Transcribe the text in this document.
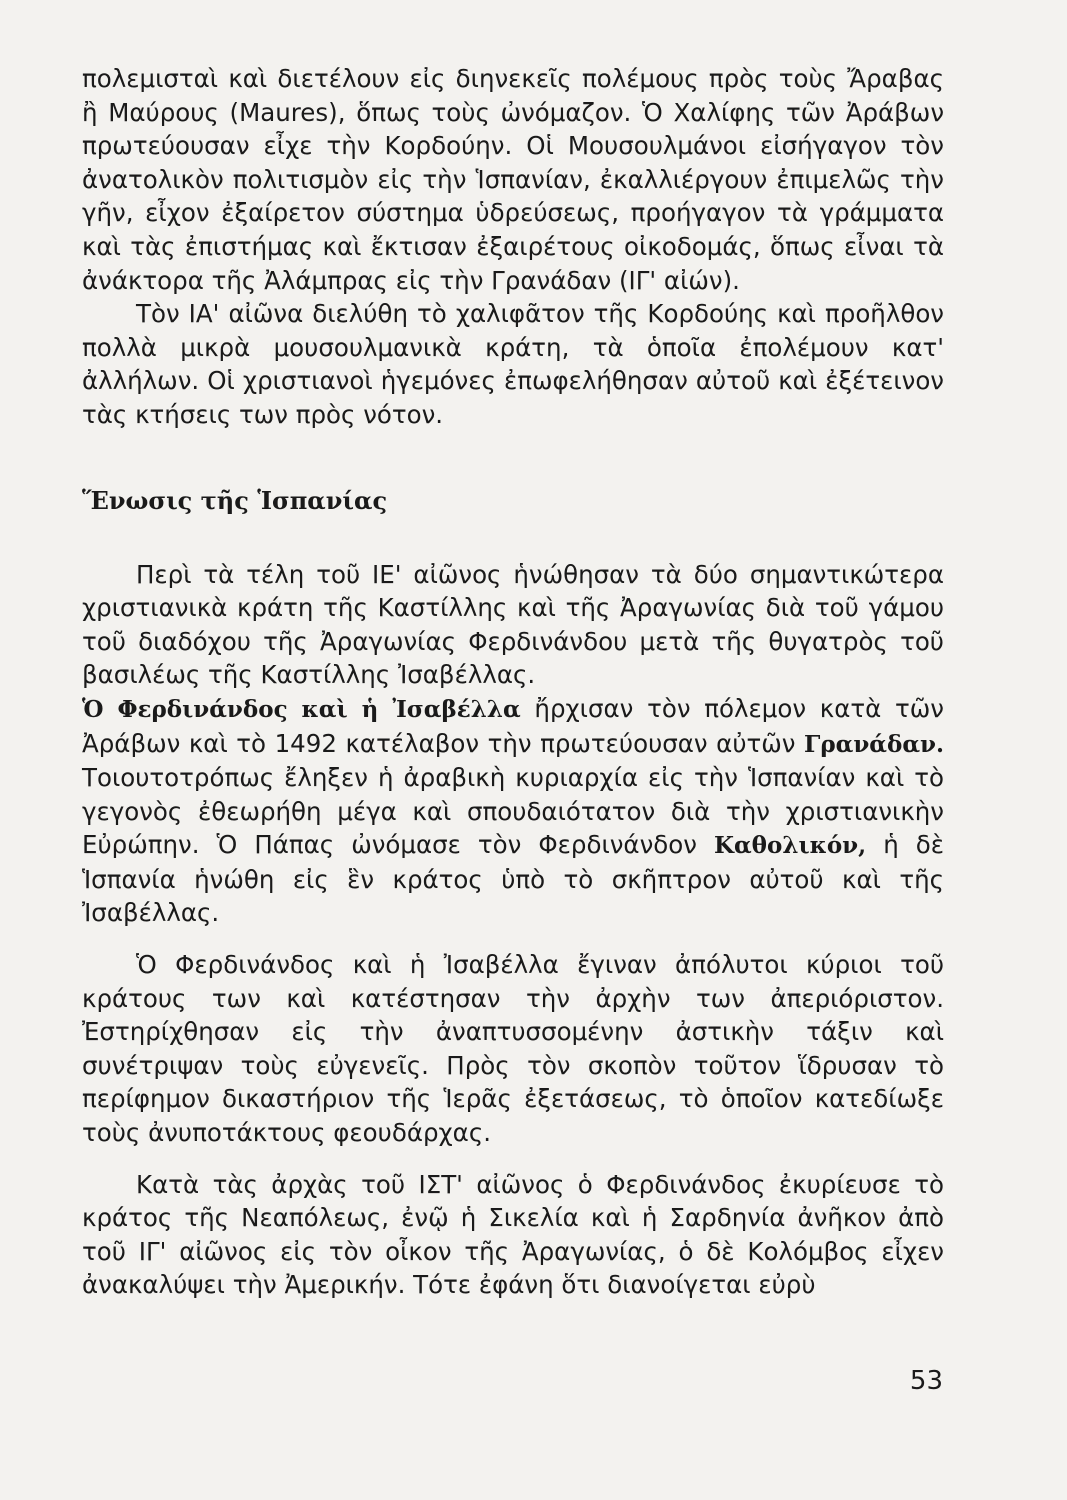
πολεμισταὶ καὶ διετέλουν εἰς διηνεκεῖς πολέμους πρὸς τοὺς Ἄραβας ἢ Μαύρους (Maures), ὅπως τοὺς ὠνόμαζον. Ὁ Χαλίφης τῶν Ἀράβων πρωτεύουσαν εἶχε τὴν Κορδούην. Οἱ Μουσουλμάνοι εἰσήγαγον τὸν ἀνατολικὸν πολιτισμὸν εἰς τὴν Ἱσπανίαν, ἐκαλλιέργουν ἐπιμελῶς τὴν γῆν, εἶχον ἐξαίρετον σύστημα ὑδρεύσεως, προήγαγον τὰ γράμματα καὶ τὰς ἐπιστήμας καὶ ἔκτισαν ἐξαιρέτους οἰκοδομάς, ὅπως εἶναι τὰ ἀνάκτορα τῆς Ἀλάμπρας εἰς τὴν Γρανάδαν (ΙΓ' αἰών).

Τὸν ΙΑ' αἰῶνα διελύθη τὸ χαλιφᾶτον τῆς Κορδούης καὶ προῆλθον πολλὰ μικρὰ μουσουλμανικὰ κράτη, τὰ ὁποῖα ἐπολέμουν κατ' ἀλλήλων. Οἱ χριστιανοὶ ἡγεμόνες ἐπωφελήθησαν αὐτοῦ καὶ ἐξέτεινον τὰς κτήσεις των πρὸς νότον.

Ἕνωσις τῆς Ἱσπανίας

Περὶ τὰ τέλη τοῦ ΙΕ' αἰῶνος ἡνώθησαν τὰ δύο σημαντικώτερα χριστιανικὰ κράτη τῆς Καστίλλης καὶ τῆς Ἀραγωνίας διὰ τοῦ γάμου τοῦ διαδόχου τῆς Ἀραγωνίας Φερδινάνδου μετὰ τῆς θυγατρὸς τοῦ βασιλέως τῆς Καστίλλης Ἰσαβέλλας.

Ὁ Φερδινάνδος καὶ ἡ Ἰσαβέλλα ἤρχισαν τὸν πόλεμον κατὰ τῶν Ἀράβων καὶ τὸ 1492 κατέλαβον τὴν πρωτεύουσαν αὐτῶν Γρανάδαν. Τοιουτοτρόπως ἔληξεν ἡ ἀραβικὴ κυριαρχία εἰς τὴν Ἱσπανίαν καὶ τὸ γεγονὸς ἐθεωρήθη μέγα καὶ σπουδαιότατον διὰ τὴν χριστιανικὴν Εὐρώπην. Ὁ Πάπας ὠνόμασε τὸν Φερδινάνδον Καθολικόν, ἡ δὲ Ἱσπανία ἡνώθη εἰς ἓν κράτος ὑπὸ τὸ σκῆπτρον αὐτοῦ καὶ τῆς Ἰσαβέλλας.

Ὁ Φερδινάνδος καὶ ἡ Ἰσαβέλλα ἔγιναν ἀπόλυτοι κύριοι τοῦ κράτους των καὶ κατέστησαν τὴν ἀρχὴν των ἀπεριόριστον. Ἐστηρίχθησαν εἰς τὴν ἀναπτυσσομένην ἀστικὴν τάξιν καὶ συνέτριψαν τοὺς εὐγενεῖς. Πρὸς τὸν σκοπὸν τοῦτον ἵδρυσαν τὸ περίφημον δικαστήριον τῆς Ἱερᾶς ἐξετάσεως, τὸ ὁποῖον κατεδίωξε τοὺς ἀνυποτάκτους φεουδάρχας.

Κατὰ τὰς ἀρχὰς τοῦ ΙΣΤ' αἰῶνος ὁ Φερδινάνδος ἐκυρίευσε τὸ κράτος τῆς Νεαπόλεως, ἐνῷ ἡ Σικελία καὶ ἡ Σαρδηνία ἀνῆκον ἀπὸ τοῦ ΙΓ' αἰῶνος εἰς τὸν οἶκον τῆς Ἀραγωνίας, ὁ δὲ Κολόμβος εἶχεν ἀνακαλύψει τὴν Ἀμερικήν. Τότε ἐφάνη ὅτι διανοίγεται εὐρὺ

53
